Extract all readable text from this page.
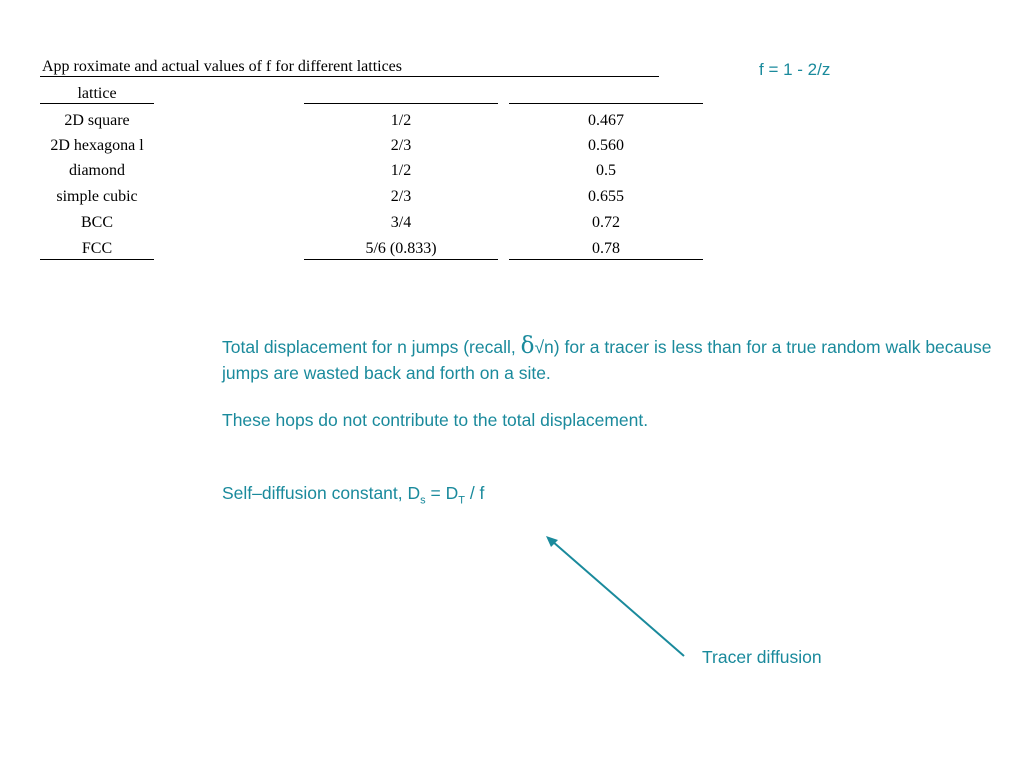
App roximate and actual values of f for different lattices	f = 1 - 2/z
lattice
2D square	1/2	0.467
2D hexagona l	2/3	0.560
diamond	1/2	0.5
simple cubic	2/3	0.655
BCC	3/4	0.72
FCC	5/6 (0.833)	0.78
Total displacement for n jumps (recall, δ√n) for a tracer is less than for a true random walk because jumps are wasted back and forth on a site.
These hops do not contribute to the total displacement.
Self–diffusion constant, $D_s = D_T / f$
Tracer diffusion
